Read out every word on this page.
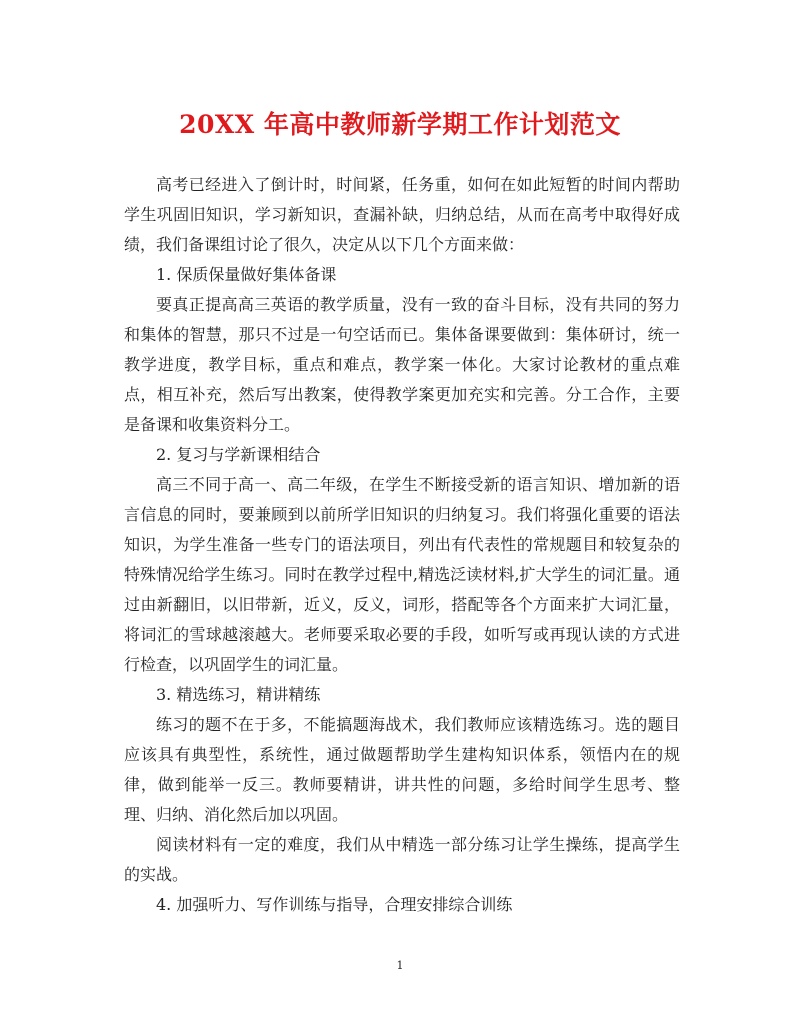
20XX 年高中教师新学期工作计划范文

高考已经进入了倒计时，时间紧，任务重，如何在如此短暂的时间内帮助学生巩固旧知识，学习新知识，查漏补缺，归纳总结，从而在高考中取得好成绩，我们备课组讨论了很久，决定从以下几个方面来做：

1. 保质保量做好集体备课

要真正提高高三英语的教学质量，没有一致的奋斗目标，没有共同的努力和集体的智慧，那只不过是一句空话而已。集体备课要做到：集体研讨，统一教学进度，教学目标，重点和难点，教学案一体化。大家讨论教材的重点难点，相互补充，然后写出教案，使得教学案更加充实和完善。分工合作，主要是备课和收集资料分工。

2. 复习与学新课相结合

高三不同于高一、高二年级，在学生不断接受新的语言知识、增加新的语言信息的同时，要兼顾到以前所学旧知识的归纳复习。我们将强化重要的语法知识，为学生准备一些专门的语法项目，列出有代表性的常规题目和较复杂的特殊情况给学生练习。同时在教学过程中,精选泛读材料,扩大学生的词汇量。通过由新翻旧，以旧带新，近义，反义，词形，搭配等各个方面来扩大词汇量，将词汇的雪球越滚越大。老师要采取必要的手段，如听写或再现认读的方式进行检查，以巩固学生的词汇量。

3. 精选练习，精讲精练

练习的题不在于多，不能搞题海战术，我们教师应该精选练习。选的题目应该具有典型性，系统性，通过做题帮助学生建构知识体系，领悟内在的规律，做到能举一反三。教师要精讲，讲共性的问题，多给时间学生思考、整理、归纳、消化然后加以巩固。

阅读材料有一定的难度，我们从中精选一部分练习让学生操练，提高学生的实战。

4. 加强听力、写作训练与指导，合理安排综合训练

1
